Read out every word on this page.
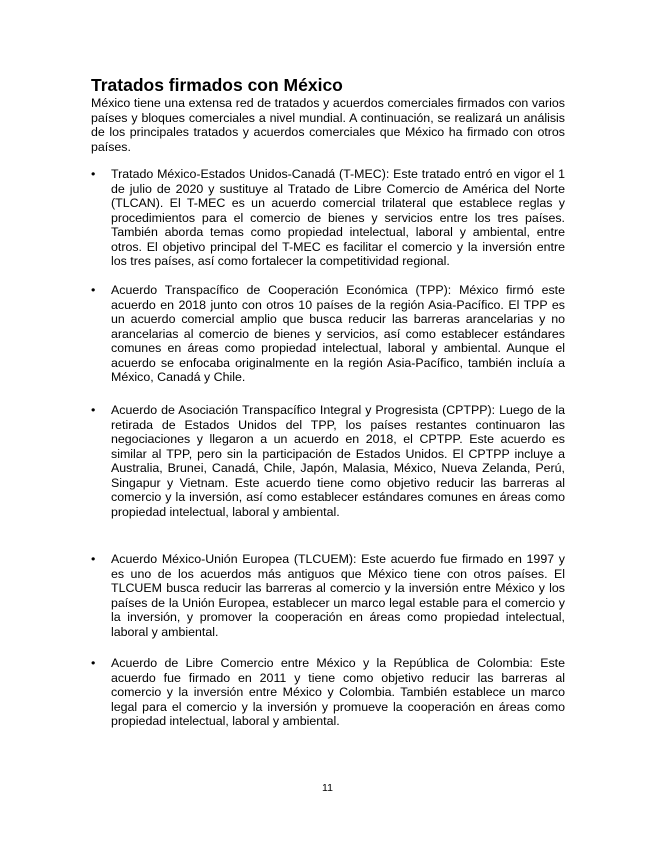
Tratados firmados con México

México tiene una extensa red de tratados y acuerdos comerciales firmados con varios países y bloques comerciales a nivel mundial. A continuación, se realizará un análisis de los principales tratados y acuerdos comerciales que México ha firmado con otros países.

• Tratado México-Estados Unidos-Canadá (T-MEC): Este tratado entró en vigor el 1 de julio de 2020 y sustituye al Tratado de Libre Comercio de América del Norte (TLCAN). El T-MEC es un acuerdo comercial trilateral que establece reglas y procedimientos para el comercio de bienes y servicios entre los tres países. También aborda temas como propiedad intelectual, laboral y ambiental, entre otros. El objetivo principal del T-MEC es facilitar el comercio y la inversión entre los tres países, así como fortalecer la competitividad regional.

• Acuerdo Transpacífico de Cooperación Económica (TPP): México firmó este acuerdo en 2018 junto con otros 10 países de la región Asia-Pacífico. El TPP es un acuerdo comercial amplio que busca reducir las barreras arancelarias y no arancelarias al comercio de bienes y servicios, así como establecer estándares comunes en áreas como propiedad intelectual, laboral y ambiental. Aunque el acuerdo se enfocaba originalmente en la región Asia-Pacífico, también incluía a México, Canadá y Chile.

• Acuerdo de Asociación Transpacífico Integral y Progresista (CPTPP): Luego de la retirada de Estados Unidos del TPP, los países restantes continuaron las negociaciones y llegaron a un acuerdo en 2018, el CPTPP. Este acuerdo es similar al TPP, pero sin la participación de Estados Unidos. El CPTPP incluye a Australia, Brunei, Canadá, Chile, Japón, Malasia, México, Nueva Zelanda, Perú, Singapur y Vietnam. Este acuerdo tiene como objetivo reducir las barreras al comercio y la inversión, así como establecer estándares comunes en áreas como propiedad intelectual, laboral y ambiental.

• Acuerdo México-Unión Europea (TLCUEM): Este acuerdo fue firmado en 1997 y es uno de los acuerdos más antiguos que México tiene con otros países. El TLCUEM busca reducir las barreras al comercio y la inversión entre México y los países de la Unión Europea, establecer un marco legal estable para el comercio y la inversión, y promover la cooperación en áreas como propiedad intelectual, laboral y ambiental.

• Acuerdo de Libre Comercio entre México y la República de Colombia: Este acuerdo fue firmado en 2011 y tiene como objetivo reducir las barreras al comercio y la inversión entre México y Colombia. También establece un marco legal para el comercio y la inversión y promueve la cooperación en áreas como propiedad intelectual, laboral y ambiental.

11
